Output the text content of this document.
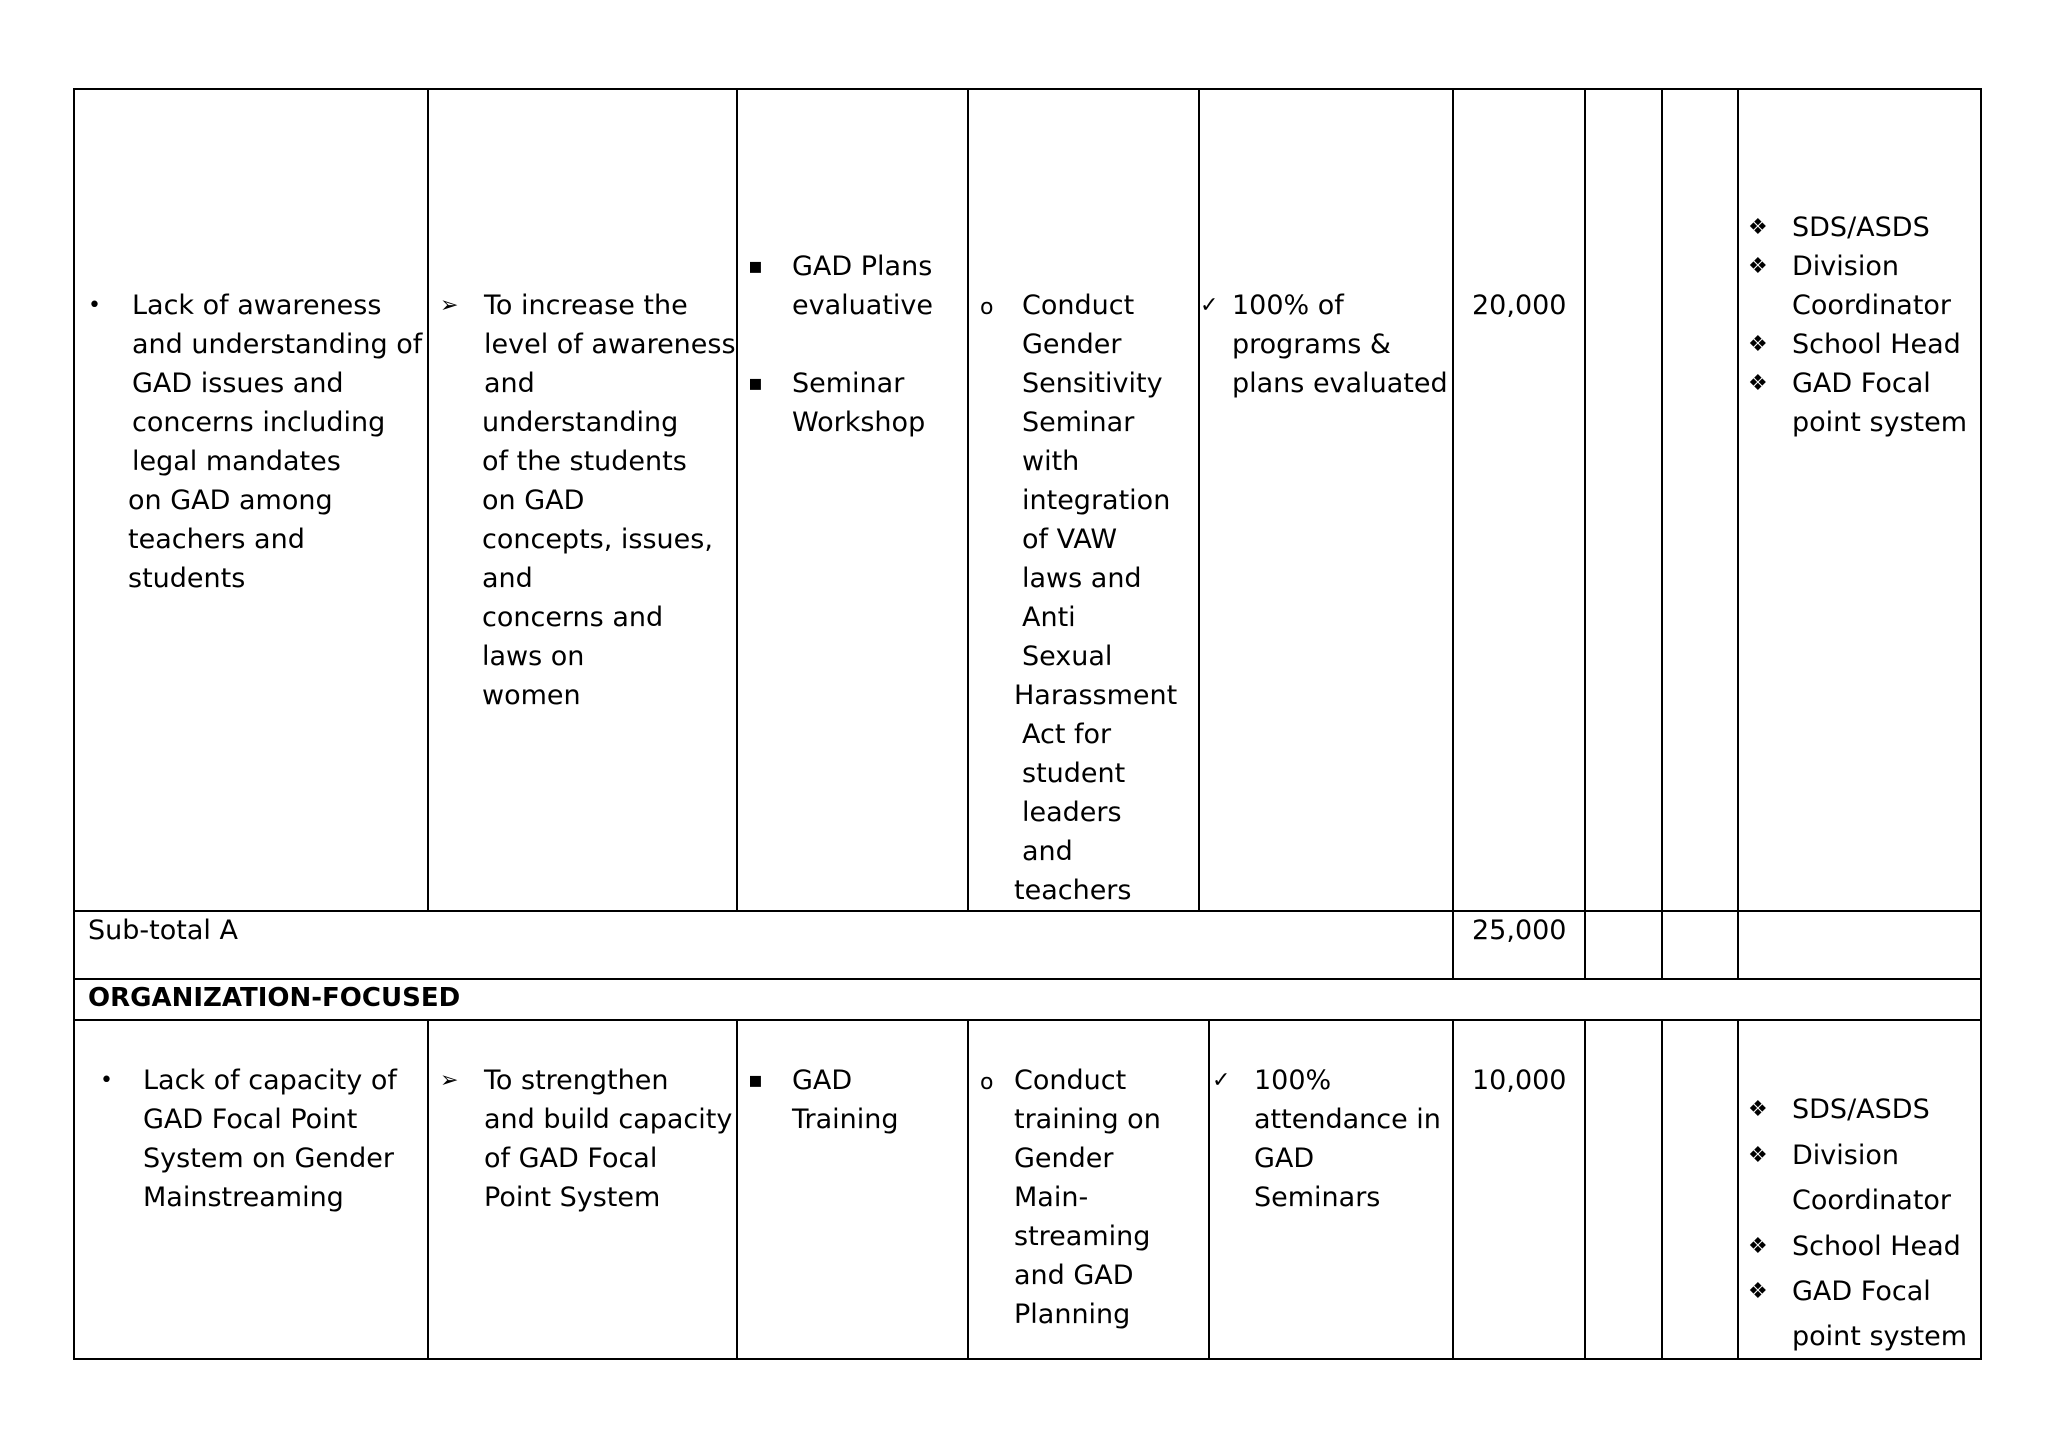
• Lack of awareness
and understanding of
GAD issues and
concerns including
legal mandates
on GAD among
teachers and
students
➢ To increase the
level of awareness
and
understanding
of the students
on GAD
concepts, issues,
and
concerns and
laws on
women
▪ GAD Plans
evaluative
▪ Seminar
Workshop
o Conduct
Gender
Sensitivity
Seminar
with
integration
of VAW
laws and
Anti
Sexual
Harassment
Act for
student
leaders
and
teachers
✓ 100% of
programs &
plans evaluated
20,000
❖ SDS/ASDS
❖ Division
Coordinator
❖ School Head
❖ GAD Focal
point system
Sub-total A	25,000
ORGANIZATION-FOCUSED
• Lack of capacity of
GAD Focal Point
System on Gender
Mainstreaming
➢ To strengthen
and build capacity
of GAD Focal
Point System
▪ GAD
Training
o Conduct
training on
Gender
Main-
streaming
and GAD
Planning
✓ 100%
attendance in
GAD
Seminars
10,000
❖ SDS/ASDS
❖ Division
Coordinator
❖ School Head
❖ GAD Focal
point system
